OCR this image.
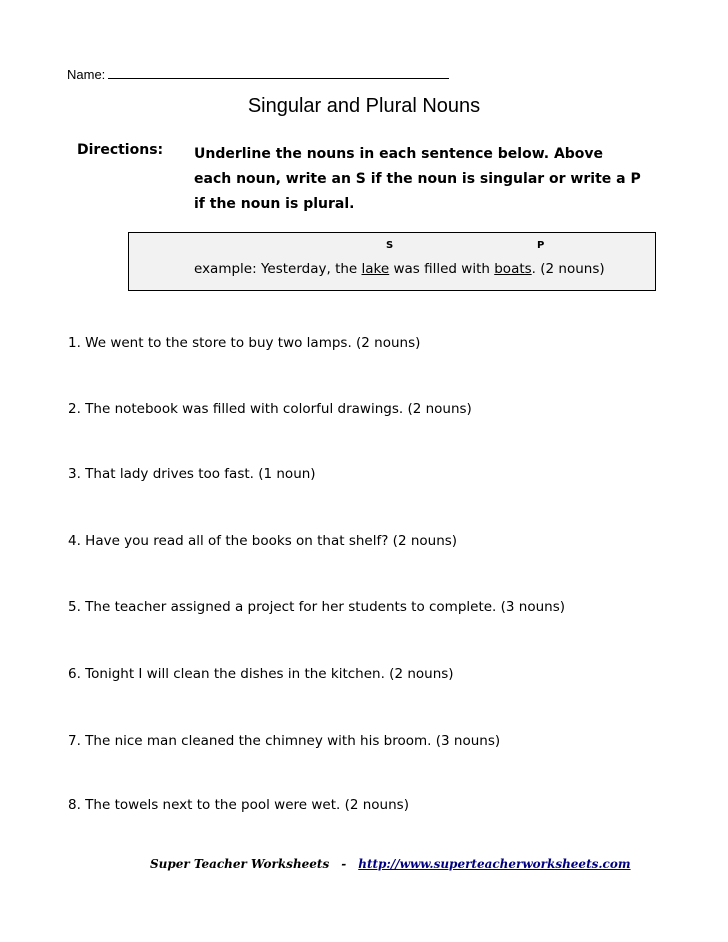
Name:
Singular and Plural Nouns
Directions: Underline the nouns in each sentence below. Above each noun, write an S if the noun is singular or write a P if the noun is plural.
S	P
example: Yesterday, the lake was filled with boats. (2 nouns)
1. We went to the store to buy two lamps. (2 nouns)
2. The notebook was filled with colorful drawings. (2 nouns)
3. That lady drives too fast. (1 noun)
4. Have you read all of the books on that shelf? (2 nouns)
5. The teacher assigned a project for her students to complete. (3 nouns)
6. Tonight I will clean the dishes in the kitchen. (2 nouns)
7. The nice man cleaned the chimney with his broom. (3 nouns)
8. The towels next to the pool were wet. (2 nouns)
Super Teacher Worksheets - http://www.superteacherworksheets.com
